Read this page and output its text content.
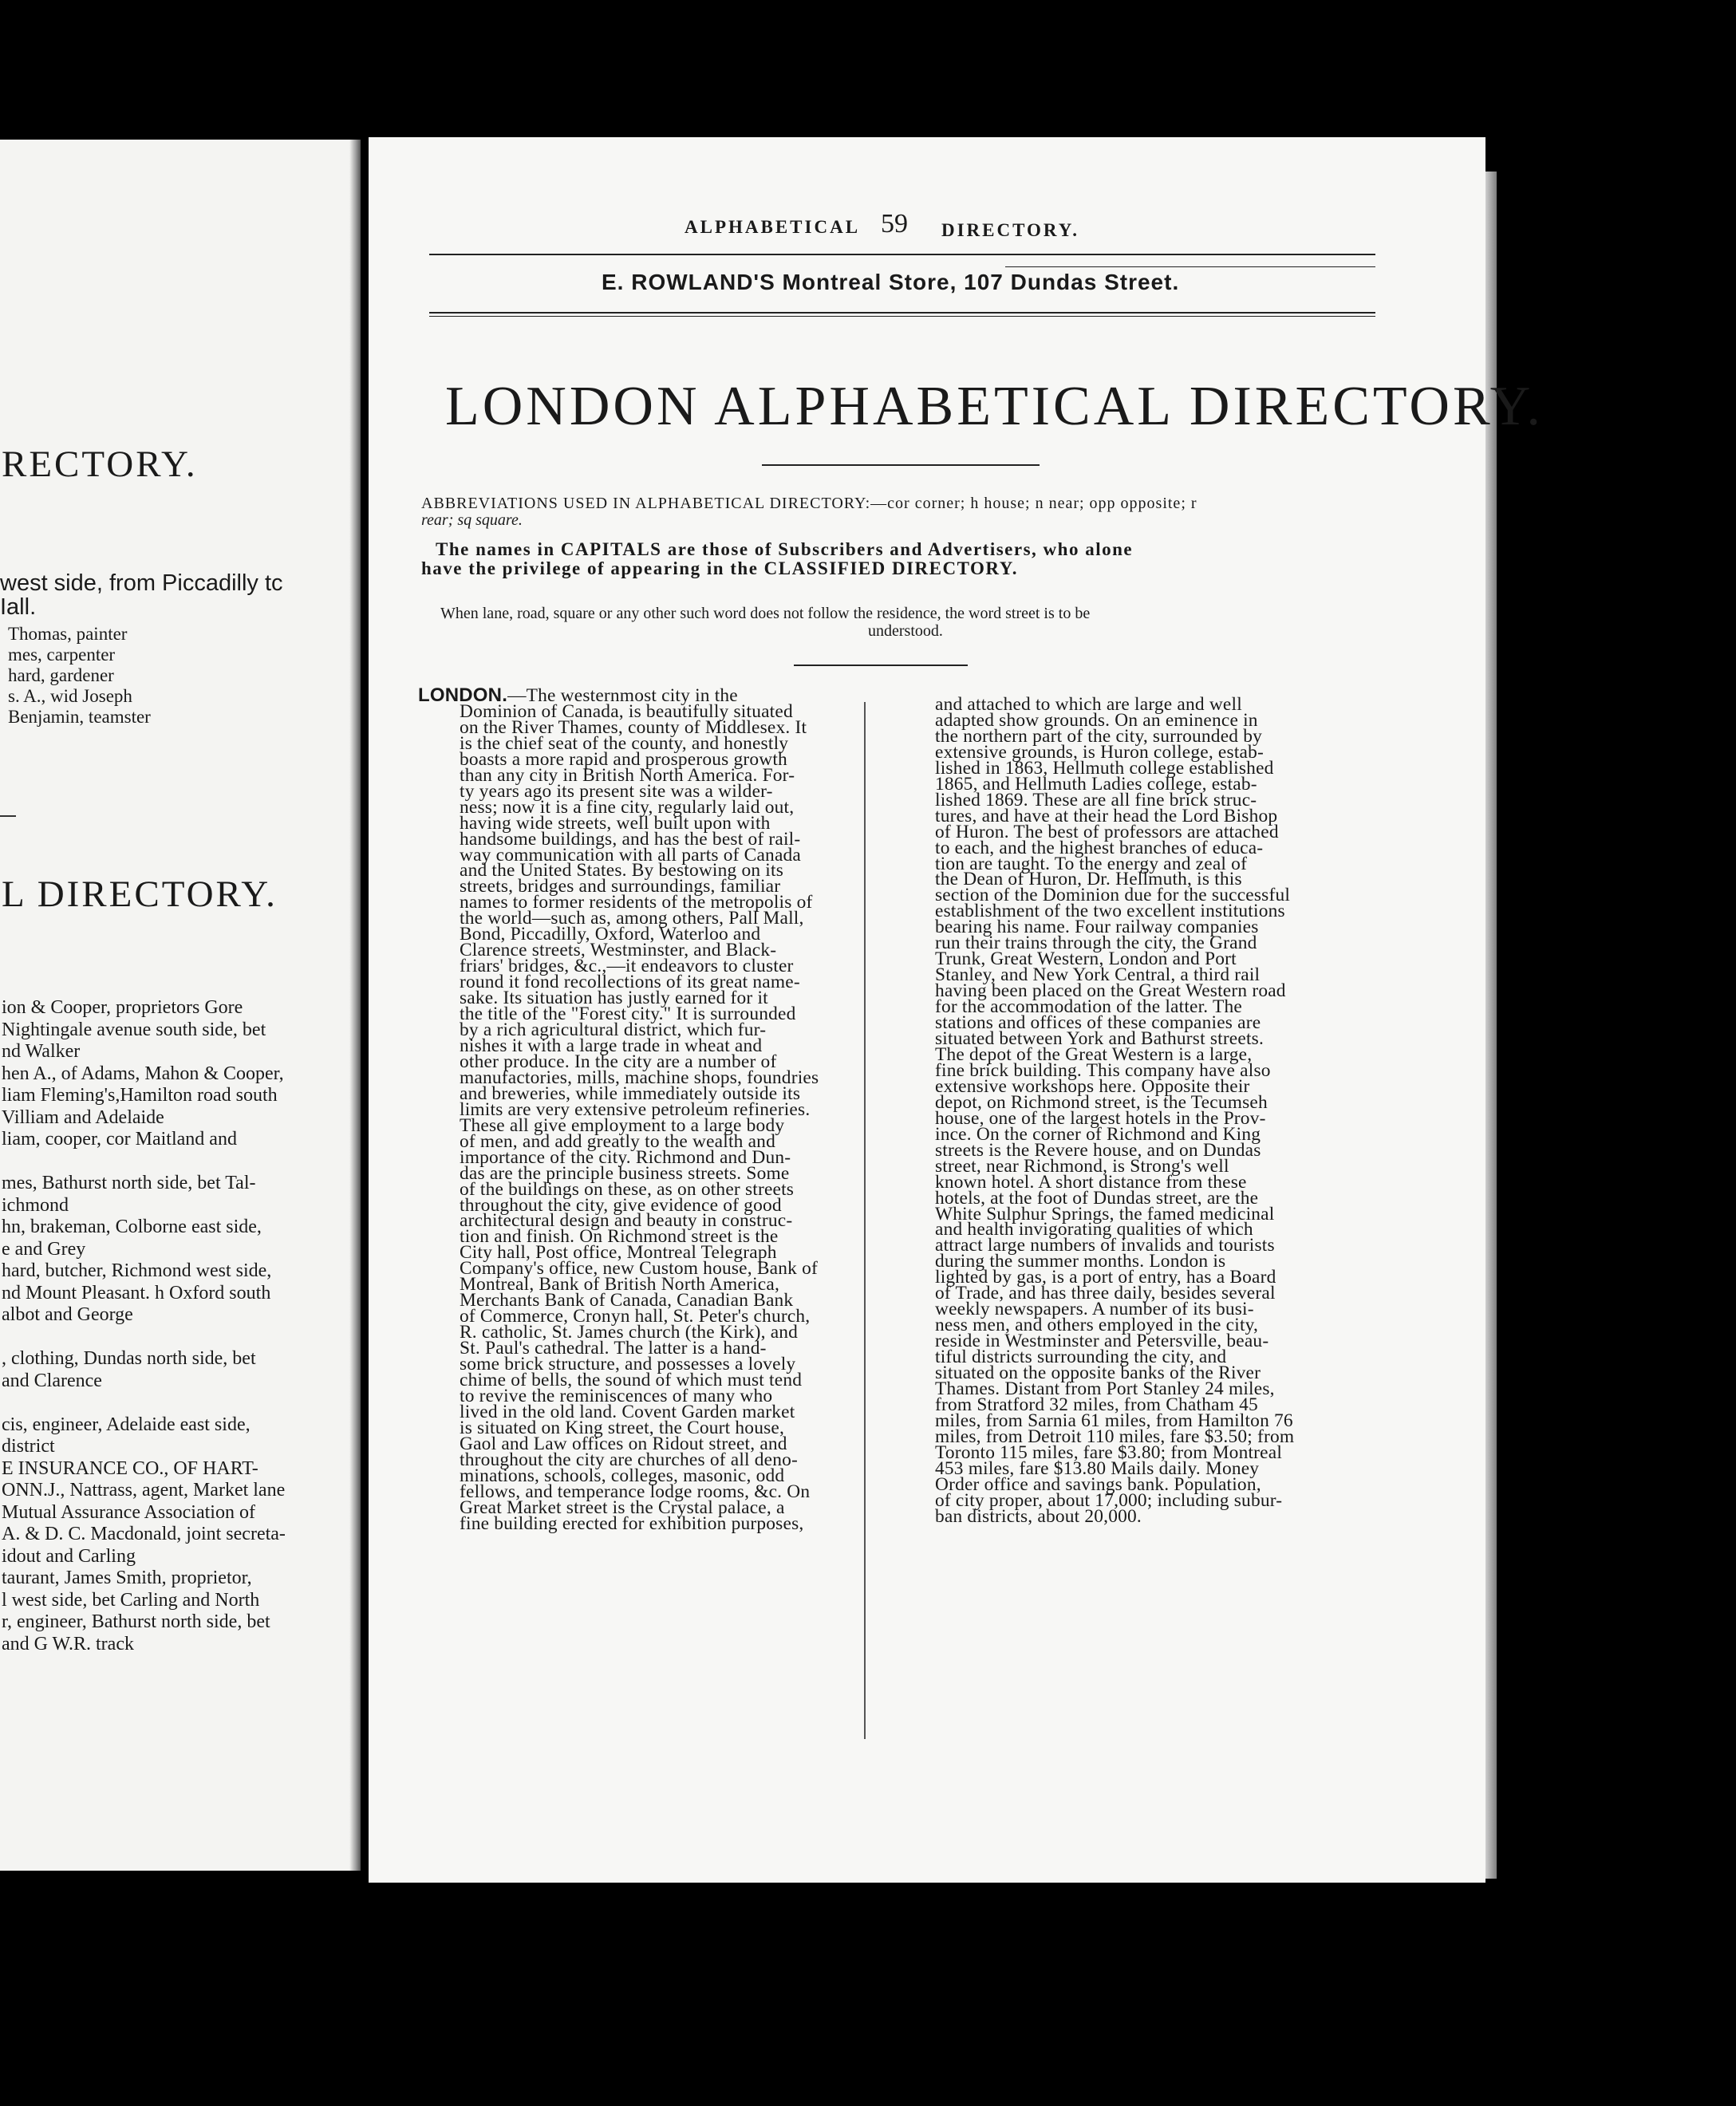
RECTORY.
west side, from Piccadilly tc
Iall.
Thomas, painter
mes, carpenter
hard, gardener
s. A., wid Joseph
Benjamin, teamster
L DIRECTORY.
ion & Cooper, proprietors Gore
Nightingale avenue south side, bet
nd Walker
hen A., of Adams, Mahon & Cooper,
liam Fleming's,Hamilton road south
Villiam and Adelaide
liam, cooper, cor Maitland and

mes, Bathurst north side, bet Tal-
ichmond
hn, brakeman, Colborne east side,
e and Grey
hard, butcher, Richmond west side,
nd Mount Pleasant. h Oxford south
albot and George

, clothing, Dundas north side, bet
and Clarence

cis, engineer, Adelaide east side,
district
E INSURANCE CO., OF HART-
ONN.J., Nattrass, agent, Market lane
Mutual Assurance Association of
A. & D. C. Macdonald, joint secreta-
idout and Carling
taurant, James Smith, proprietor,
l west side, bet Carling and North
r, engineer, Bathurst north side, bet
and G W.R. track
ALPHABETICAL 59 DIRECTORY.
E. ROWLAND'S Montreal Store, 107 Dundas Street.
LONDON ALPHABETICAL DIRECTORY.
ABBREVIATIONS USED IN ALPHABETICAL DIRECTORY:—cor corner; h house; n near; opp opposite; r
rear; sq square.
The names in CAPITALS are those of Subscribers and Advertisers, who alone
have the privilege of appearing in the CLASSIFIED DIRECTORY.
When lane, road, square or any other such word does not follow the residence, the word street is to be
understood.
LONDON.—The westernmost city in the
Dominion of Canada, is beautifully situated
on the River Thames, county of Middlesex. It
is the chief seat of the county, and honestly
boasts a more rapid and prosperous growth
than any city in British North America. For-
ty years ago its present site was a wilder-
ness; now it is a fine city, regularly laid out,
having wide streets, well built upon with
handsome buildings, and has the best of rail-
way communication with all parts of Canada
and the United States. By bestowing on its
streets, bridges and surroundings, familiar
names to former residents of the metropolis of
the world—such as, among others, Pall Mall,
Bond, Piccadilly, Oxford, Waterloo and
Clarence streets, Westminster, and Black-
friars' bridges, &c.,—it endeavors to cluster
round it fond recollections of its great name-
sake. Its situation has justly earned for it
the title of the "Forest city." It is surrounded
by a rich agricultural district, which fur-
nishes it with a large trade in wheat and
other produce. In the city are a number of
manufactories, mills, machine shops, foundries
and breweries, while immediately outside its
limits are very extensive petroleum refineries.
These all give employment to a large body
of men, and add greatly to the wealth and
importance of the city. Richmond and Dun-
das are the principle business streets. Some
of the buildings on these, as on other streets
throughout the city, give evidence of good
architectural design and beauty in construc-
tion and finish. On Richmond street is the
City hall, Post office, Montreal Telegraph
Company's office, new Custom house, Bank of
Montreal, Bank of British North America,
Merchants Bank of Canada, Canadian Bank
of Commerce, Cronyn hall, St. Peter's church,
R. catholic, St. James church (the Kirk), and
St. Paul's cathedral. The latter is a hand-
some brick structure, and possesses a lovely
chime of bells, the sound of which must tend
to revive the reminiscences of many who
lived in the old land. Covent Garden market
is situated on King street, the Court house,
Gaol and Law offices on Ridout street, and
throughout the city are churches of all deno-
minations, schools, colleges, masonic, odd
fellows, and temperance lodge rooms, &c. On
Great Market street is the Crystal palace, a
fine building erected for exhibition purposes,
and attached to which are large and well
adapted show grounds. On an eminence in
the northern part of the city, surrounded by
extensive grounds, is Huron college, estab-
lished in 1863, Hellmuth college established
1865, and Hellmuth Ladies college, estab-
lished 1869. These are all fine brick struc-
tures, and have at their head the Lord Bishop
of Huron. The best of professors are attached
to each, and the highest branches of educa-
tion are taught. To the energy and zeal of
the Dean of Huron, Dr. Hellmuth, is this
section of the Dominion due for the successful
establishment of the two excellent institutions
bearing his name. Four railway companies
run their trains through the city, the Grand
Trunk, Great Western, London and Port
Stanley, and New York Central, a third rail
having been placed on the Great Western road
for the accommodation of the latter. The
stations and offices of these companies are
situated between York and Bathurst streets.
The depot of the Great Western is a large,
fine brick building. This company have also
extensive workshops here. Opposite their
depot, on Richmond street, is the Tecumseh
house, one of the largest hotels in the Prov-
ince. On the corner of Richmond and King
streets is the Revere house, and on Dundas
street, near Richmond, is Strong's well
known hotel. A short distance from these
hotels, at the foot of Dundas street, are the
White Sulphur Springs, the famed medicinal
and health invigorating qualities of which
attract large numbers of invalids and tourists
during the summer months. London is
lighted by gas, is a port of entry, has a Board
of Trade, and has three daily, besides several
weekly newspapers. A number of its busi-
ness men, and others employed in the city,
reside in Westminster and Petersville, beau-
tiful districts surrounding the city, and
situated on the opposite banks of the River
Thames. Distant from Port Stanley 24 miles,
from Stratford 32 miles, from Chatham 45
miles, from Sarnia 61 miles, from Hamilton 76
miles, from Detroit 110 miles, fare $3.50; from
Toronto 115 miles, fare $3.80; from Montreal
453 miles, fare $13.80 Mails daily. Money
Order office and savings bank. Population,
of city proper, about 17,000; including subur-
ban districts, about 20,000.
